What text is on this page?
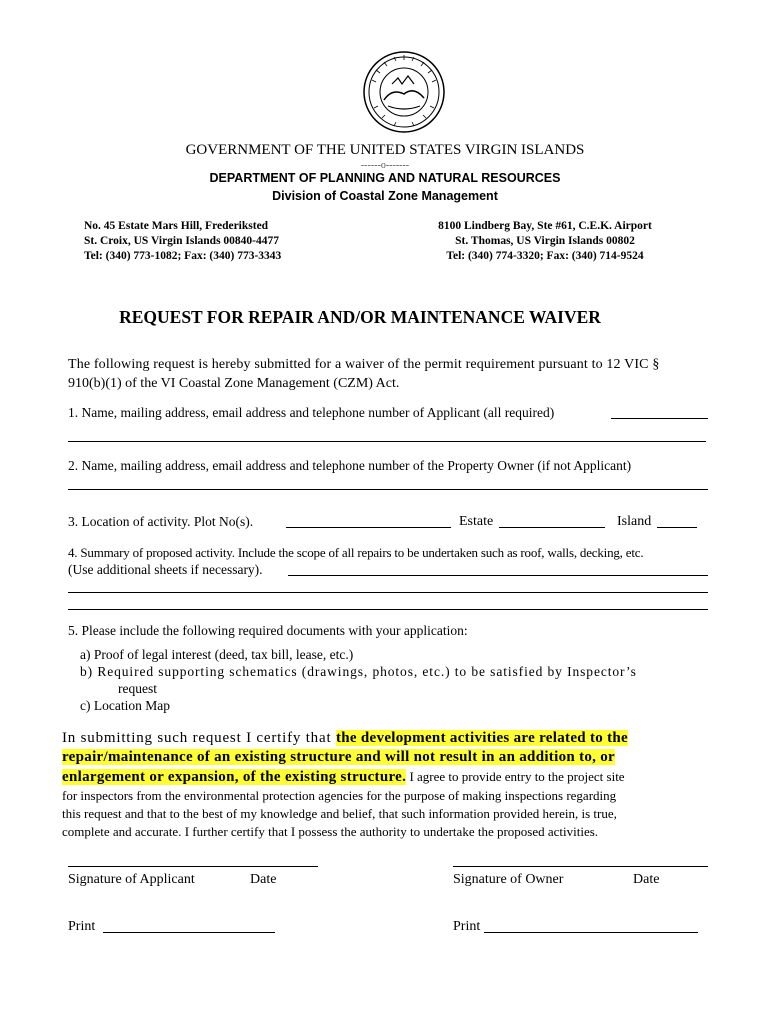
GOVERNMENT OF THE UNITED STATES VIRGIN ISLANDS
------o-------
DEPARTMENT OF PLANNING AND NATURAL RESOURCES
Division of Coastal Zone Management
No. 45 Estate Mars Hill, Frederiksted
St. Croix, US Virgin Islands 00840-4477
Tel: (340) 773-1082; Fax: (340) 773-3343
8100 Lindberg Bay, Ste #61, C.E.K. Airport
St. Thomas, US Virgin Islands 00802
Tel: (340) 774-3320; Fax: (340) 714-9524
REQUEST FOR REPAIR AND/OR MAINTENANCE WAIVER
The following request is hereby submitted for a waiver of the permit requirement pursuant to 12 VIC §
910(b)(1) of the VI Coastal Zone Management (CZM) Act.
1. Name, mailing address, email address and telephone number of Applicant (all required)
2. Name, mailing address, email address and telephone number of the Property Owner (if not Applicant)
3. Location of activity. Plot No(s).	Estate	Island
4. Summary of proposed activity. Include the scope of all repairs to be undertaken such as roof, walls, decking, etc.
(Use additional sheets if necessary).
5. Please include the following required documents with your application:
a) Proof of legal interest (deed, tax bill, lease, etc.)
b) Required supporting schematics (drawings, photos, etc.) to be satisfied by Inspector’s
request
c) Location Map
In submitting such request I certify that the development activities are related to the
repair/maintenance of an existing structure and will not result in an addition to, or
enlargement or expansion, of the existing structure. I agree to provide entry to the project site
for inspectors from the environmental protection agencies for the purpose of making inspections regarding
this request and that to the best of my knowledge and belief, that such information provided herein, is true,
complete and accurate. I further certify that I possess the authority to undertake the proposed activities.
Signature of Applicant	Date	Signature of Owner	Date
Print	Print
